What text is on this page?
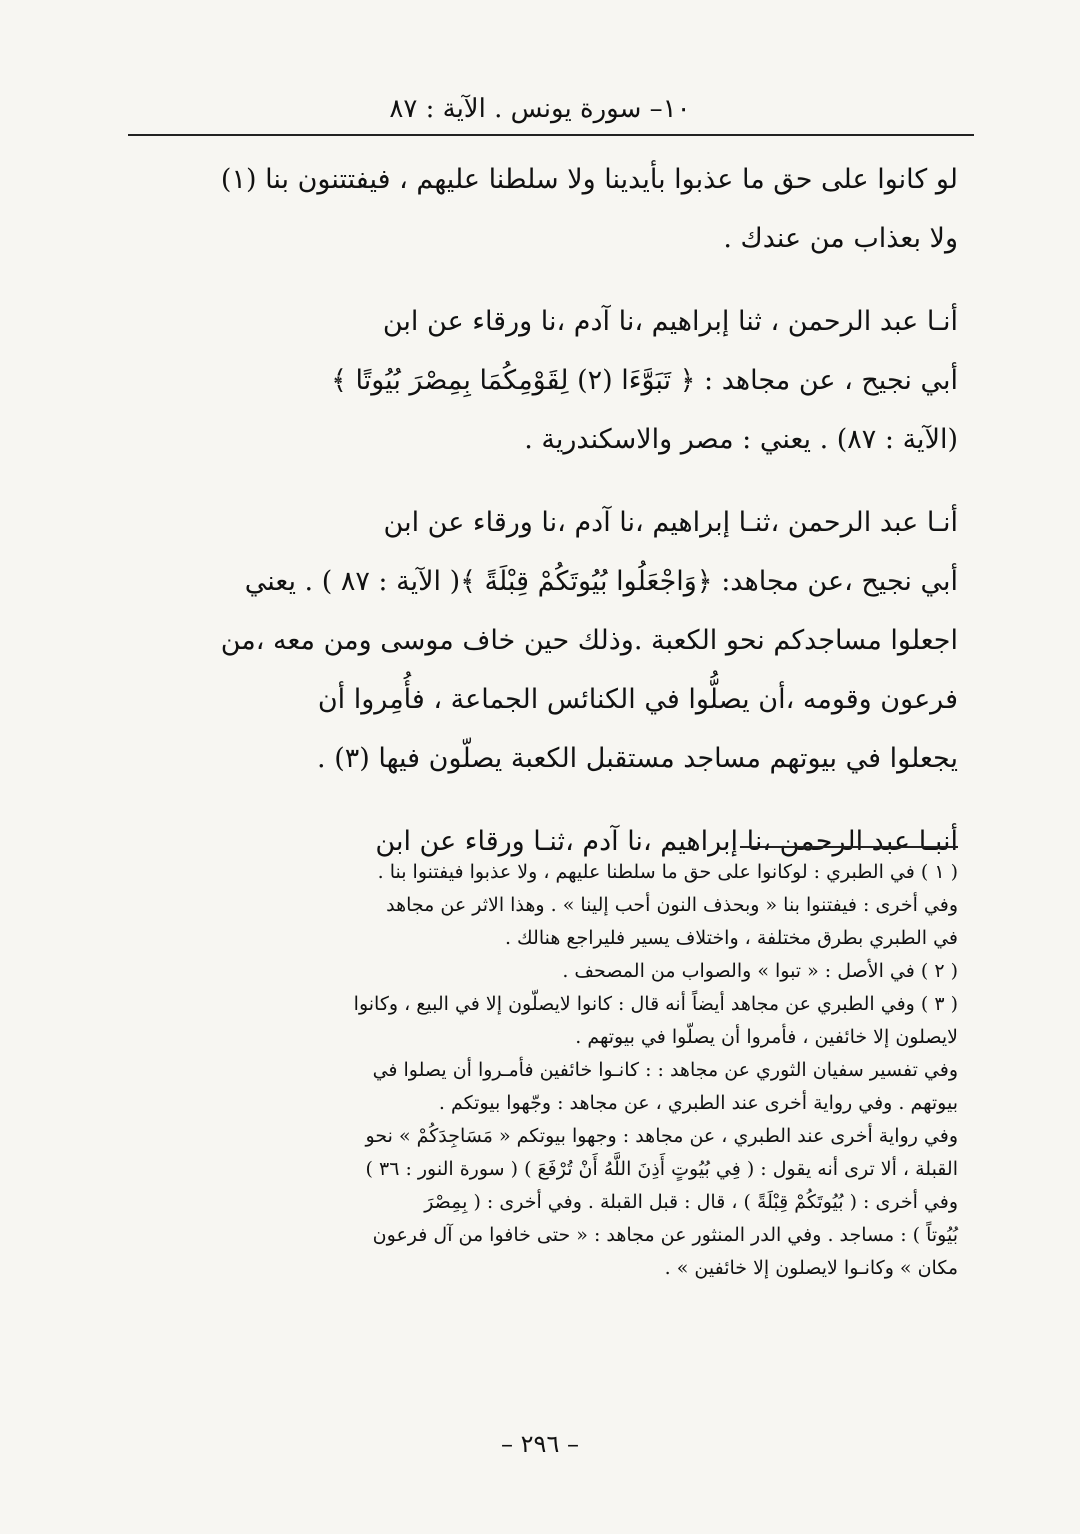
١٠– سورة يونس . الآية : ٨٧
لو كانوا على حق ما عذبوا بأيدينا ولا سلطنا عليهم ، فيفتتنون بنا (١)
ولا بعذاب من عندك .
أنـا عبد الرحمن ، ثنا إبراهيم ،نا آدم ،نا ورقاء عن ابن
أبي نجيح ، عن مجاهد : ﴿ تَبَوَّءَا (٢) لِقَوْمِكُمَا بِمِصْرَ بُيُوتًا ﴾
(الآية : ٨٧) . يعني : مصر والاسكندرية .
أنـا عبد الرحمن ،ثنـا إبراهيم ،نا آدم ،نا ورقاء عن ابن
أبي نجيح ،عن مجاهد: ﴿وَاجْعَلُوا بُيُوتَكُمْ قِبْلَةً ﴾( الآية : ٨٧ ) . يعني
اجعلوا مساجدكم نحو الكعبة .وذلك حين خاف موسى ومن معه ،من
فرعون وقومه ،أن يصلُّوا في الكنائس الجماعة ، فأُمِروا أن
يجعلوا في بيوتهم مساجد مستقبل الكعبة يصلّون فيها (٣) .
أنبـا عبد الرحمن ،نا إبراهيم ،نا آدم ،ثنـا ورقاء عن ابن
( ١ ) في الطبري : لوكانوا على حق ما سلطنا عليهم ، ولا عذبوا فيفتنوا بنا .
وفي أخرى : فيفتنوا بنا « وبحذف النون أحب إلينا » . وهذا الاثر عن مجاهد
في الطبري بطرق مختلفة ، واختلاف يسير فليراجع هنالك .
( ٢ ) في الأصل : « تبوا » والصواب من المصحف .
( ٣ ) وفي الطبري عن مجاهد أيضاً أنه قال : كانوا لايصلّون إلا في البيع ، وكانوا
لايصلون إلا خائفين ، فأمروا أن يصلّوا في بيوتهم .
وفي تفسير سفيان الثوري عن مجاهد : : كانـوا خائفين فأمـروا أن يصلوا في
بيوتهم . وفي رواية أخرى عند الطبري ، عن مجاهد : وجّهوا بيوتكم .
وفي رواية أخرى عند الطبري ، عن مجاهد : وجهوا بيوتكم « مَسَاجِدَكُمْ » نحو
القبلة ، ألا ترى أنه يقول : ( فِي بُيُوتٍ أَذِنَ اللَّهُ أَنْ تُرْفَعَ ) ( سورة النور : ٣٦ )
وفي أخرى : ( بُيُوتَكُمْ قِبْلَةً ) ، قال : قبل القبلة . وفي أخرى : ( بِمِصْرَ
بُيُوتاً ) : مساجد . وفي الدر المنثور عن مجاهد : « حتى خافوا من آل فرعون
مكان » وكانـوا لايصلون إلا خائفين » .
– ٢٩٦ –
